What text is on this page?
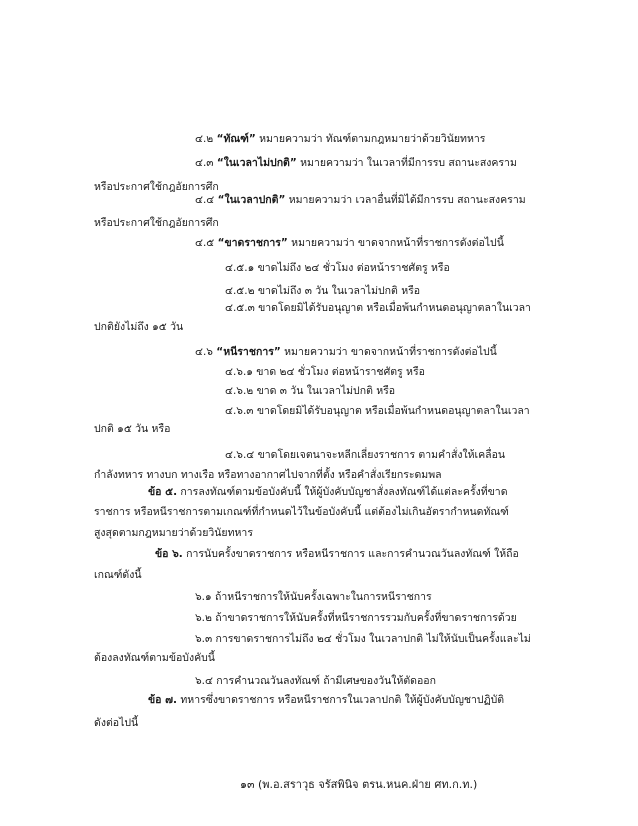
๔.๒ “ทัณฑ์” หมายความว่า ทัณฑ์ตามกฎหมายว่าด้วยวินัยทหาร
๔.๓ “ในเวลาไม่ปกติ” หมายความว่า ในเวลาที่มีการรบ สถานะสงคราม
หรือประกาศใช้กฎอัยการศึก
๔.๔ “ในเวลาปกติ” หมายความว่า เวลาอื่นที่มิได้มีการรบ สถานะสงคราม
หรือประกาศใช้กฎอัยการศึก
๔.๕ “ขาดราชการ” หมายความว่า ขาดจากหน้าที่ราชการดังต่อไปนี้
๔.๕.๑ ขาดไม่ถึง ๒๔ ชั่วโมง ต่อหน้าราชศัตรู หรือ
๔.๕.๒ ขาดไม่ถึง ๓ วัน ในเวลาไม่ปกติ หรือ
๔.๕.๓ ขาดโดยมิได้รับอนุญาต หรือเมื่อพ้นกำหนดอนุญาตลาในเวลา
ปกติยังไม่ถึง ๑๕ วัน
๔.๖ “หนีราชการ” หมายความว่า ขาดจากหน้าที่ราชการดังต่อไปนี้
๔.๖.๑ ขาด ๒๔ ชั่วโมง ต่อหน้าราชศัตรู หรือ
๔.๖.๒ ขาด ๓ วัน ในเวลาไม่ปกติ หรือ
๔.๖.๓ ขาดโดยมิได้รับอนุญาต หรือเมื่อพ้นกำหนดอนุญาตลาในเวลา
ปกติ ๑๕ วัน หรือ
๔.๖.๔ ขาดโดยเจตนาจะหลีกเลี่ยงราชการ ตามคำสั่งให้เคลื่อน
กำลังทหาร ทางบก ทางเรือ หรือทางอากาศไปจากที่ตั้ง หรือคำสั่งเรียกระดมพล
ข้อ ๕. การลงทัณฑ์ตามข้อบังคับนี้ ให้ผู้บังคับบัญชาสั่งลงทัณฑ์ได้แต่ละครั้งที่ขาด
ราชการ หรือหนีราชการตามเกณฑ์ที่กำหนดไว้ในข้อบังคับนี้ แต่ต้องไม่เกินอัตรากำหนดทัณฑ์
สูงสุดตามกฎหมายว่าด้วยวินัยทหาร
ข้อ ๖. การนับครั้งขาดราชการ หรือหนีราชการ และการคำนวณวันลงทัณฑ์ ให้ถือ
เกณฑ์ดังนี้
๖.๑ ถ้าหนีราชการให้นับครั้งเฉพาะในการหนีราชการ
๖.๒ ถ้าขาดราชการให้นับครั้งที่หนีราชการรวมกับครั้งที่ขาดราชการด้วย
๖.๓ การขาดราชการไม่ถึง ๒๔ ชั่วโมง ในเวลาปกติ ไม่ให้นับเป็นครั้งและไม่
ต้องลงทัณฑ์ตามข้อบังคับนี้
๖.๔ การคำนวณวันลงทัณฑ์ ถ้ามีเศษของวันให้ตัดออก
ข้อ ๗. ทหารซึ่งขาดราชการ หรือหนีราชการในเวลาปกติ ให้ผู้บังคับบัญชาปฏิบัติ
ดังต่อไปนี้
๑๓ (พ.อ.สราวุธ จรัสพินิจ ตรน.หนค.ฝ่าย ศท.ก.ท.)
